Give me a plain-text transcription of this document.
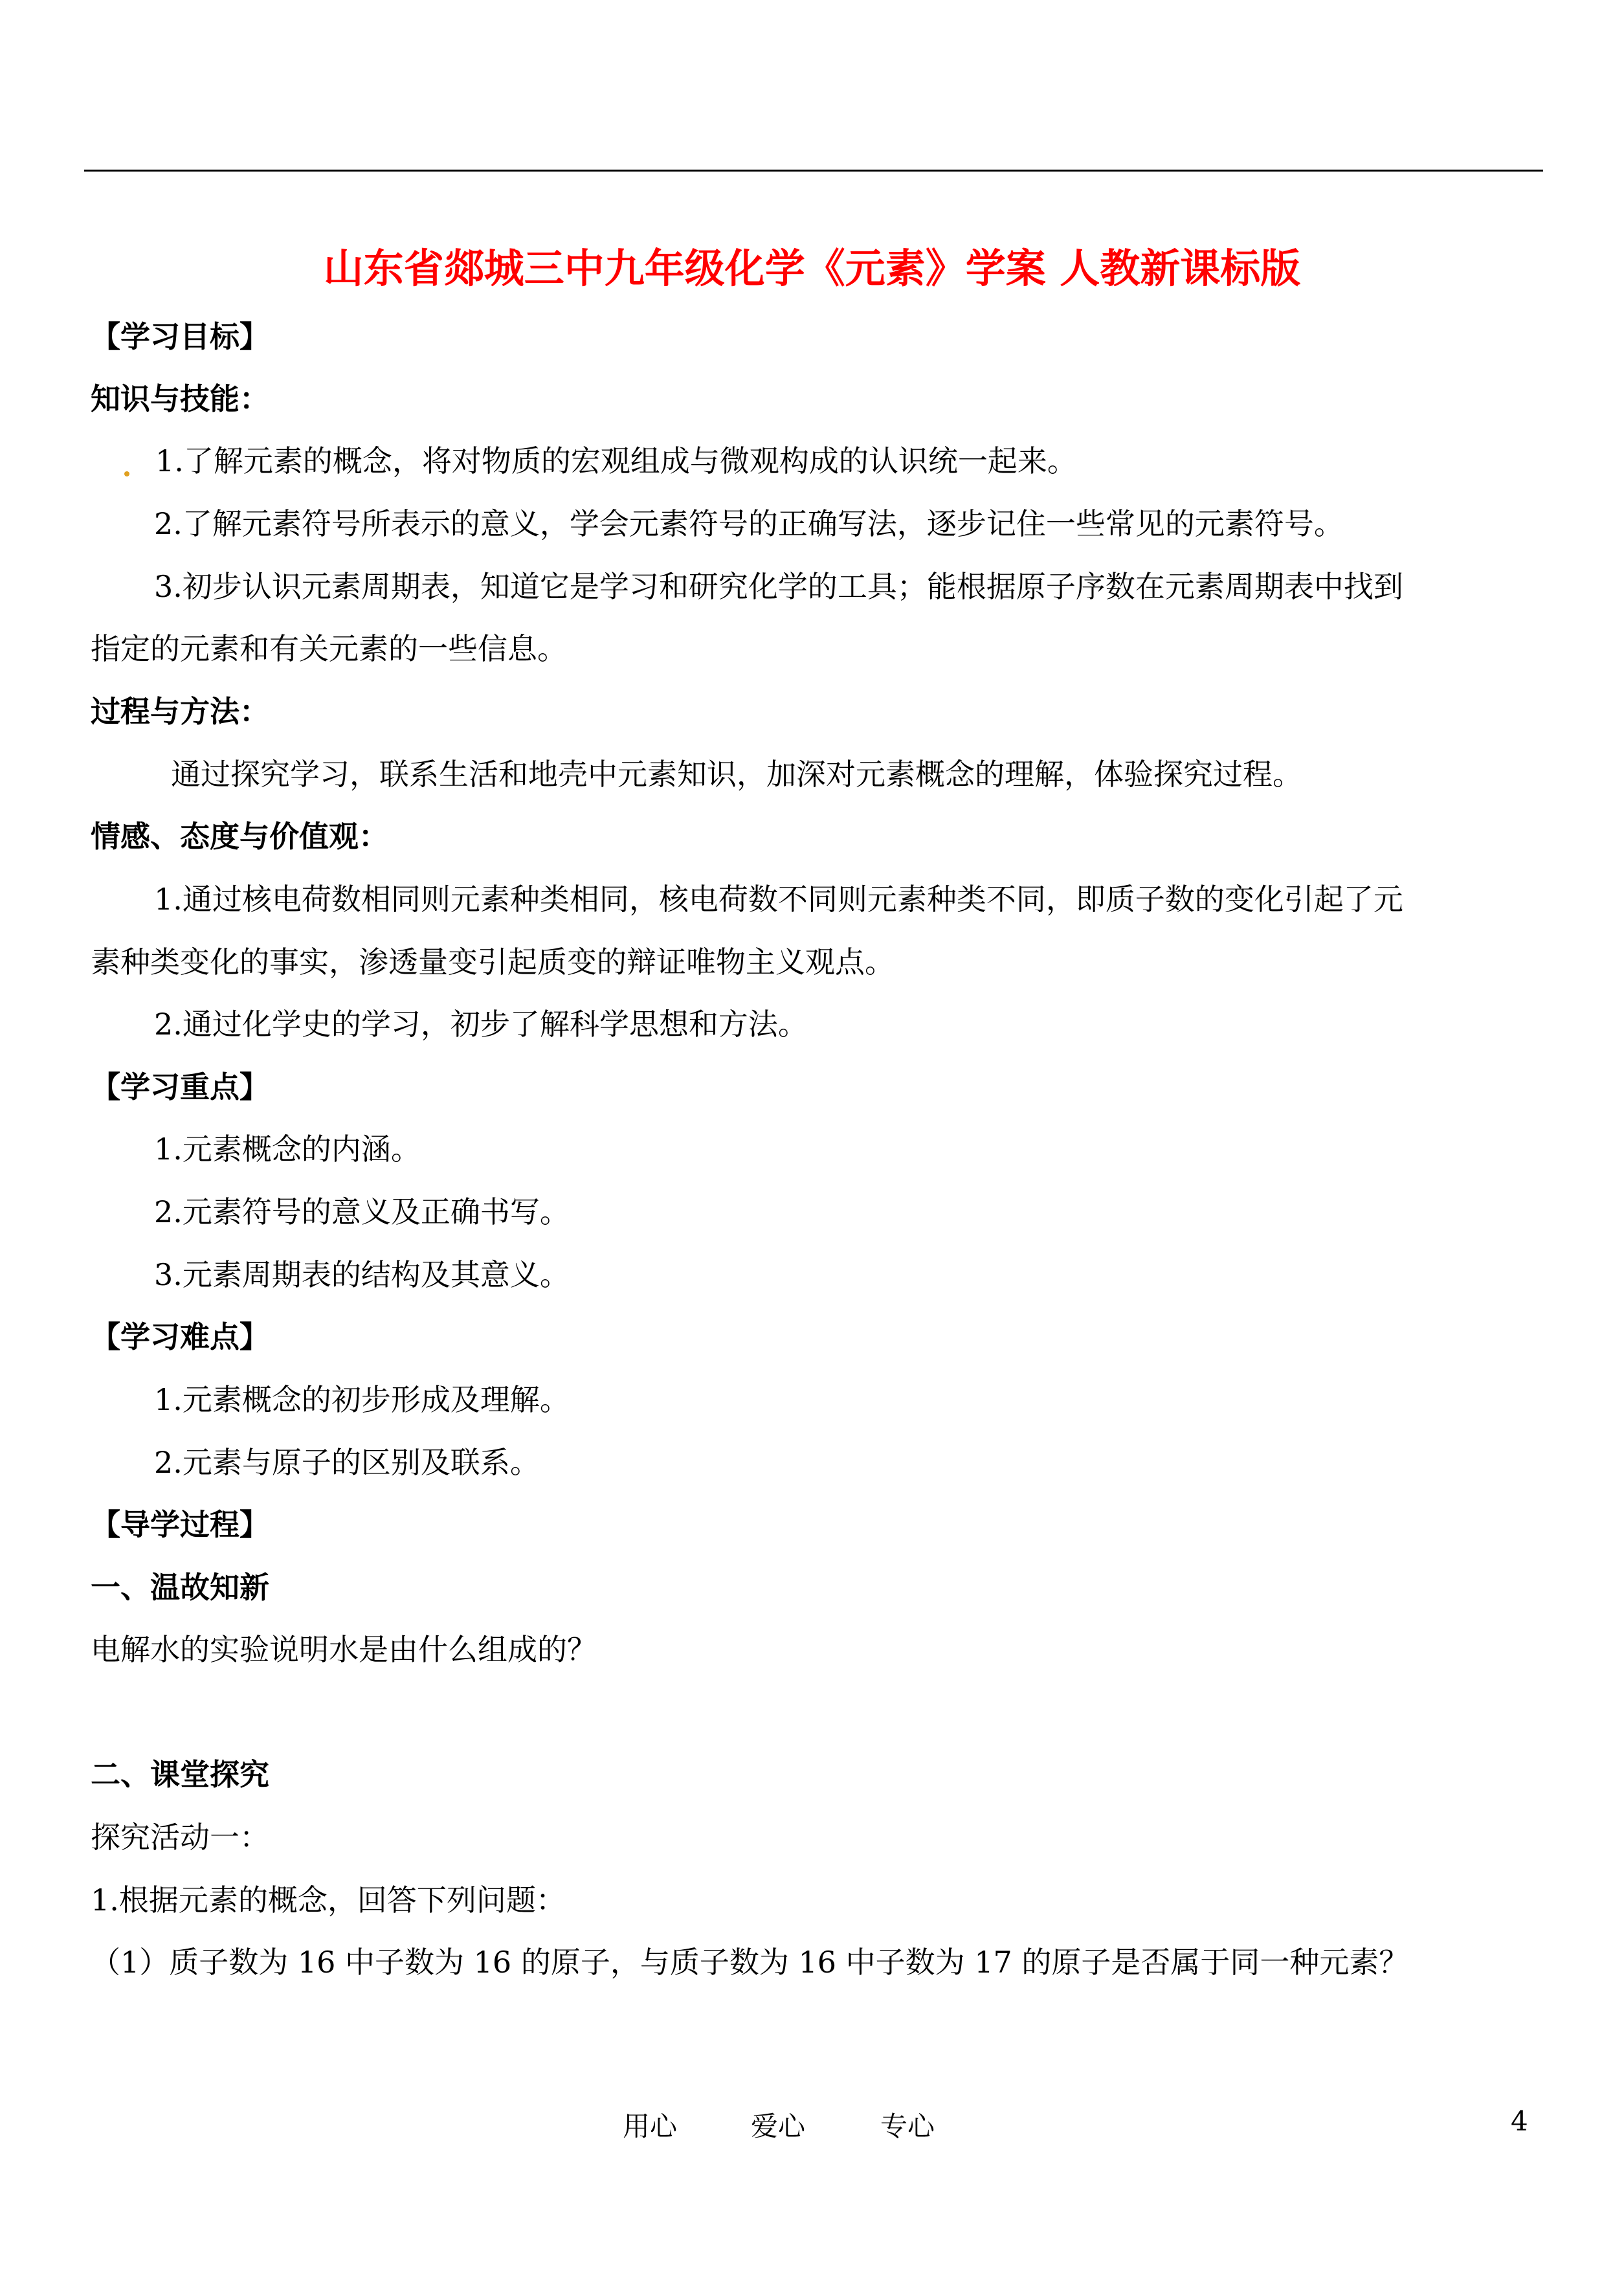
山东省郯城三中九年级化学《元素》学案 人教新课标版
【学习目标】
知识与技能：
1.了解元素的概念，将对物质的宏观组成与微观构成的认识统一起来。
2.了解元素符号所表示的意义，学会元素符号的正确写法，逐步记住一些常见的元素符号。
3.初步认识元素周期表，知道它是学习和研究化学的工具；能根据原子序数在元素周期表中找到
指定的元素和有关元素的一些信息。
过程与方法：
通过探究学习，联系生活和地壳中元素知识，加深对元素概念的理解，体验探究过程。
情感、态度与价值观：
1.通过核电荷数相同则元素种类相同，核电荷数不同则元素种类不同，即质子数的变化引起了元
素种类变化的事实，渗透量变引起质变的辩证唯物主义观点。
2.通过化学史的学习，初步了解科学思想和方法。
【学习重点】
1.元素概念的内涵。
2.元素符号的意义及正确书写。
3.元素周期表的结构及其意义。
【学习难点】
1.元素概念的初步形成及理解。
2.元素与原子的区别及联系。
【导学过程】
一、温故知新
电解水的实验说明水是由什么组成的？
二、课堂探究
探究活动一：
1.根据元素的概念，回答下列问题：
（1）质子数为 16 中子数为 16 的原子，与质子数为 16 中子数为 17 的原子是否属于同一种元素？
用心	爱心	专心	4
